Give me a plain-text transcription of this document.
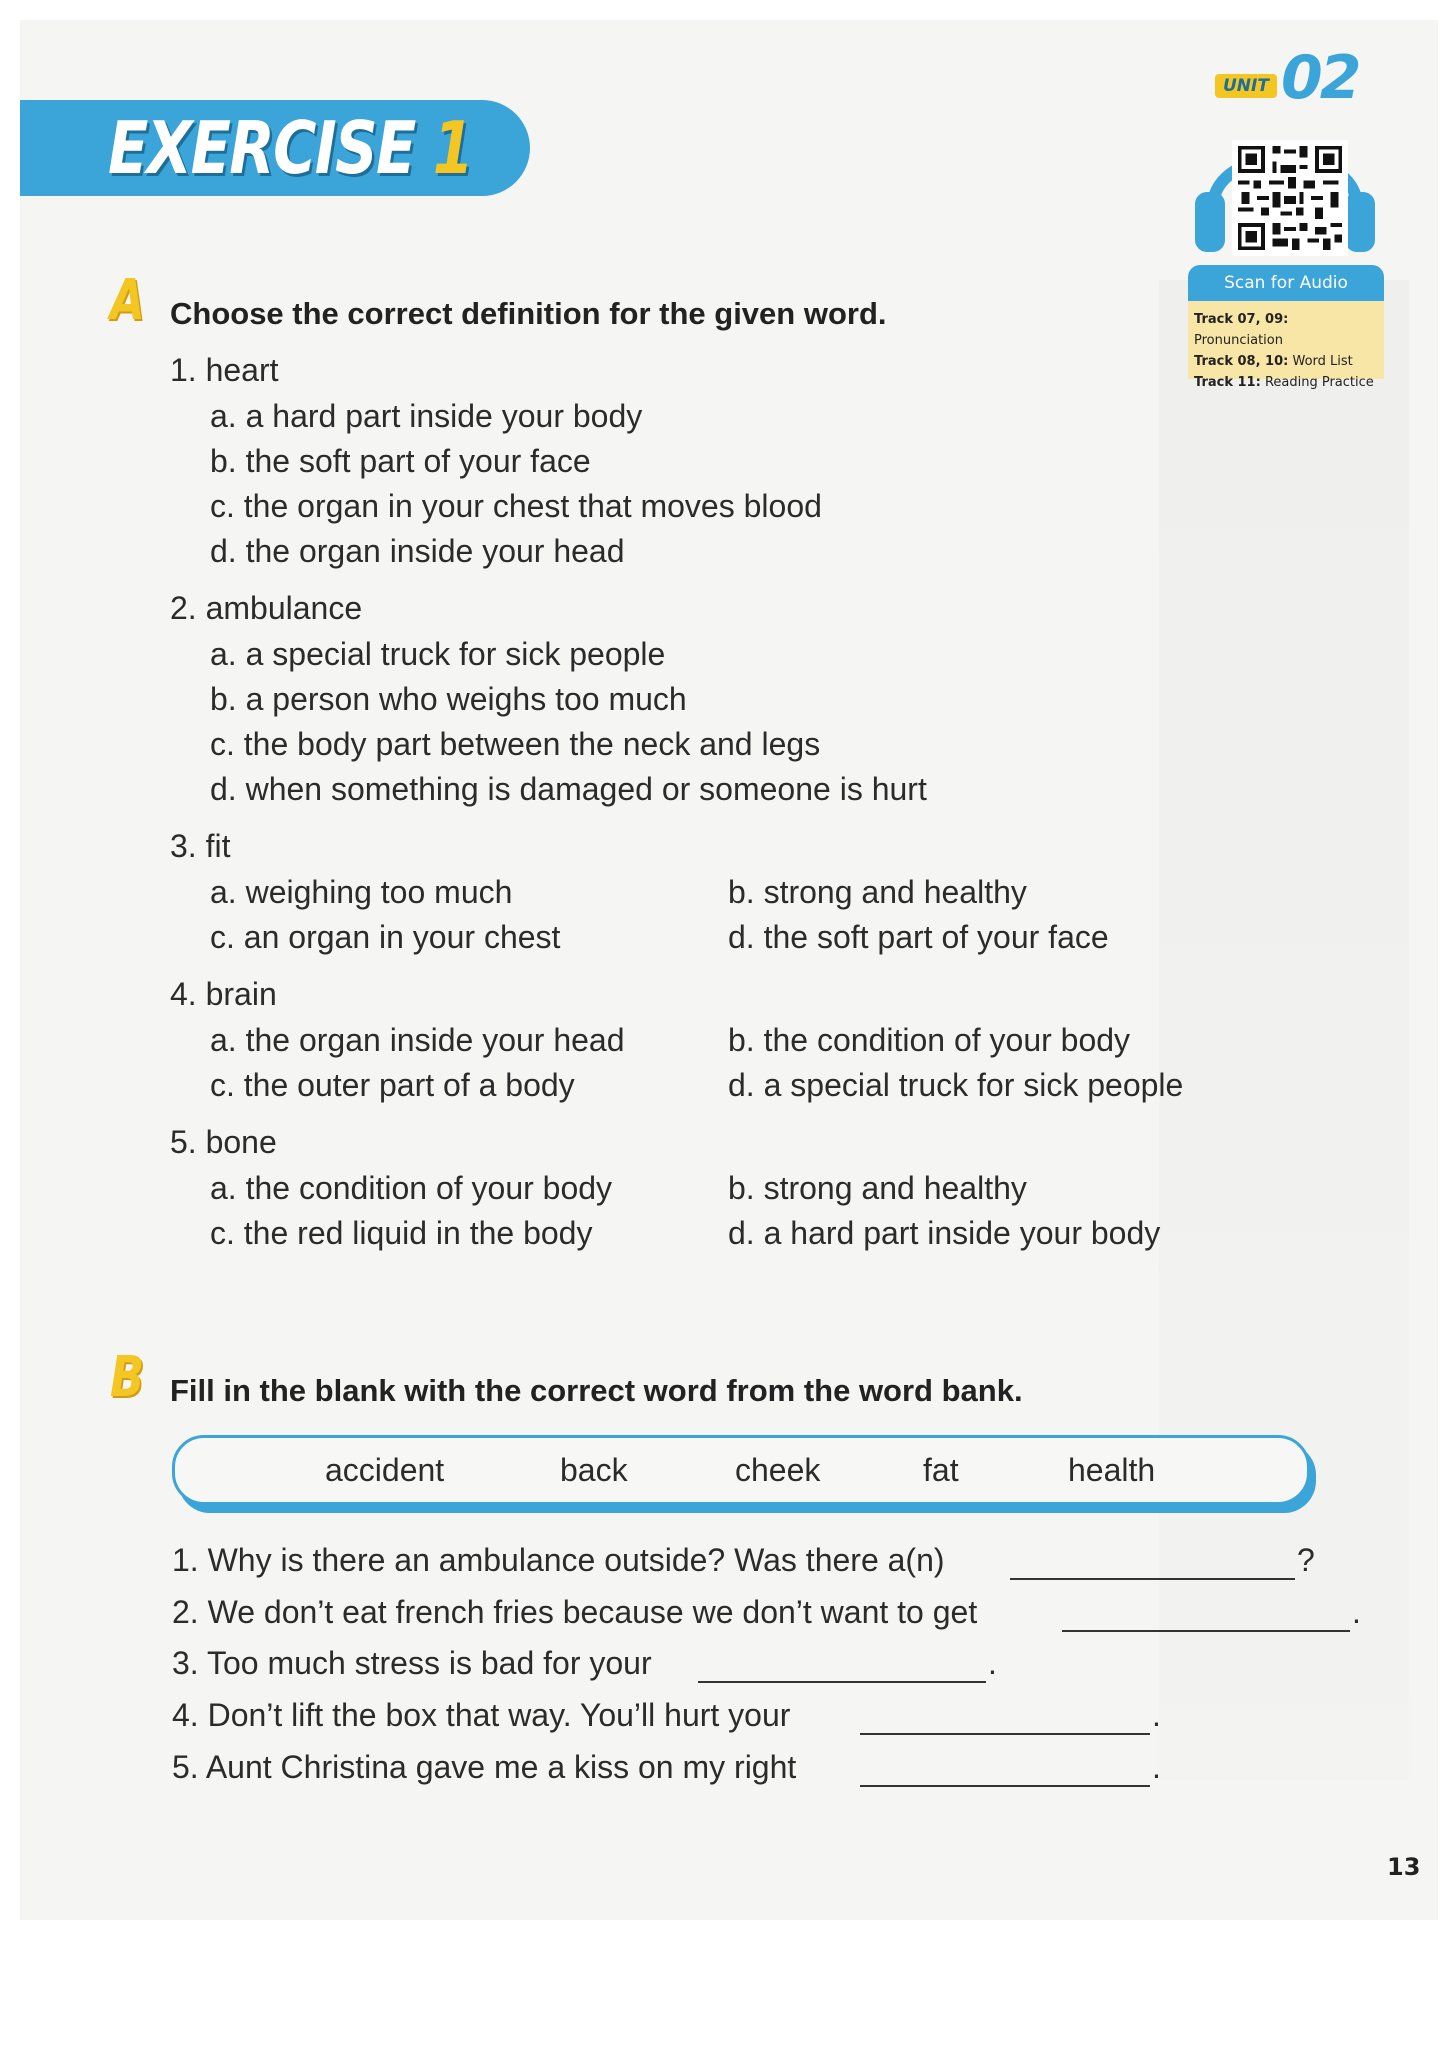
EXERCISE 1
UNIT 02
Scan for Audio
Track 07, 09: Pronunciation
Track 08, 10: Word List
Track 11: Reading Practice
A Choose the correct definition for the given word.
1. heart
a. a hard part inside your body
b. the soft part of your face
c. the organ in your chest that moves blood
d. the organ inside your head
2. ambulance
a. a special truck for sick people
b. a person who weighs too much
c. the body part between the neck and legs
d. when something is damaged or someone is hurt
3. fit
a. weighing too much	b. strong and healthy
c. an organ in your chest	d. the soft part of your face
4. brain
a. the organ inside your head	b. the condition of your body
c. the outer part of a body	d. a special truck for sick people
5. bone
a. the condition of your body	b. strong and healthy
c. the red liquid in the body	d. a hard part inside your body
B Fill in the blank with the correct word from the word bank.
accident	back	cheek	fat	health
1. Why is there an ambulance outside? Was there a(n)	?
2. We don’t eat french fries because we don’t want to get	.
3. Too much stress is bad for your	.
4. Don’t lift the box that way. You’ll hurt your	.
5. Aunt Christina gave me a kiss on my right	.
13
